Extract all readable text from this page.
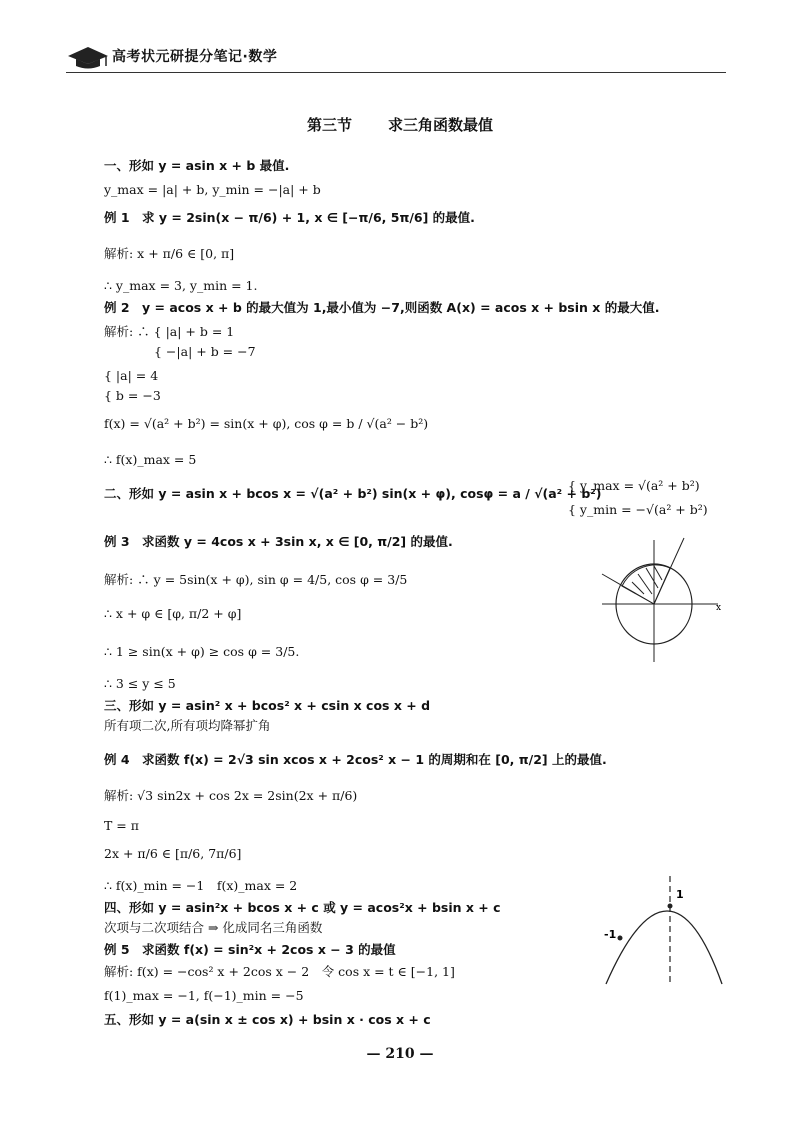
高考状元研提分笔记·数学
第三节 求三角函数最值
一、形如 y = asin x + b 最值.
y_max = |a| + b, y_min = −|a| + b
例 1　求 y = 2sin(x − π/6) + 1, x ∈ [−π/6, 5π/6] 的最值.
解析: x + π/6 ∈ [0, π]
∴ y_max = 3, y_min = 1.
例 2　y = acos x + b 的最大值为 1,最小值为 −7,则函数 A(x) = acos x + bsin x 的最大值.
解析: ∴ { |a| + b = 1
　　　　{ −|a| + b = −7
{ |a| = 4
{ b = −3
f(x) = √(a² + b²) = sin(x + φ), cos φ = b / √(a² − b²)
∴ f(x)_max = 5
二、形如 y = asin x + bcos x = √(a² + b²) sin(x + φ), cosφ = a / √(a² + b²)
{ y_max = √(a² + b²)
{ y_min = −√(a² + b²)
例 3　求函数 y = 4cos x + 3sin x, x ∈ [0, π/2] 的最值.
解析: ∴ y = 5sin(x + φ), sin φ = 4/5, cos φ = 3/5
∴ x + φ ∈ [φ, π/2 + φ]
∴ 1 ≥ sin(x + φ) ≥ cos φ = 3/5.
∴ 3 ≤ y ≤ 5
三、形如 y = asin² x + bcos² x + csin x cos x + d
所有项二次,所有项均降幂扩角
例 4　求函数 f(x) = 2√3 sin xcos x + 2cos² x − 1 的周期和在 [0, π/2] 上的最值.
解析: √3 sin2x + cos 2x = 2sin(2x + π/6)
T = π
2x + π/6 ∈ [π/6, 7π/6]
∴ f(x)_min = −1　f(x)_max = 2
四、形如 y = asin²x + bcos x + c 或 y = acos²x + bsin x + c
次项与二次项结合 ⇒ 化成同名三角函数
例 5　求函数 f(x) = sin²x + 2cos x − 3 的最值
解析: f(x) = −cos² x + 2cos x − 2　令 cos x = t ∈ [−1, 1]
f(1)_max = −1, f(−1)_min = −5
五、形如 y = a(sin x ± cos x) + bsin x · cos x + c
x
1
-1
— 210 —
